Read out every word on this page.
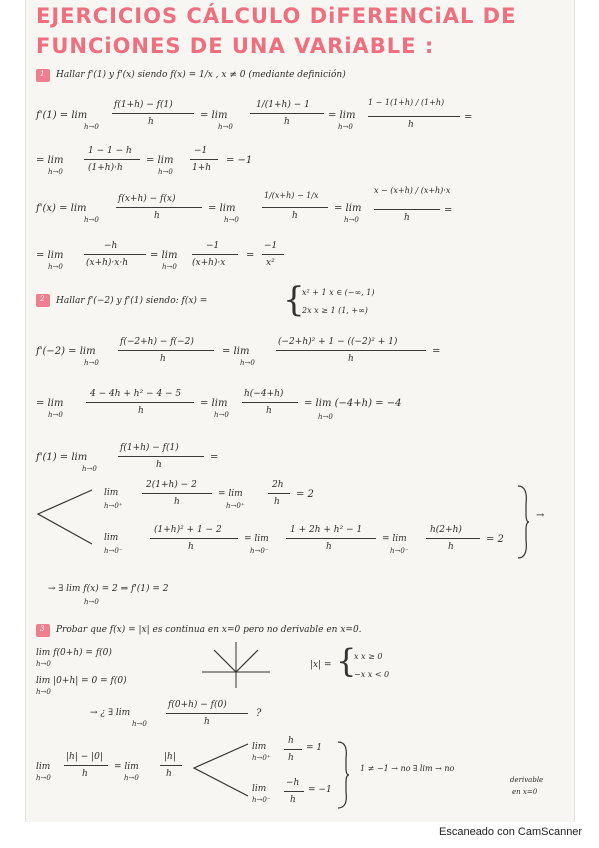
EJERCICIOS CÁLCULO DiFERENCiAL DE
FUNCiONES DE UNA VARiABLE :
1 Hallar f'(1) y f'(x) siendo f(x) = 1/x , x ≠ 0 (mediante definición)
f'(1) = lim
h→0
f(1+h) − f(1)
h
= lim
h→0
1/(1+h) − 1
h
= lim
h→0
1 − 1(1+h) / (1+h)
h
=
= lim
h→0
1 − 1 − h
(1+h)·h
= lim
h→0
−1
1+h
= −1
f'(x) = lim
h→0
f(x+h) − f(x)
h
= lim
h→0
1/(x+h) − 1/x
h
= lim
h→0
x − (x+h) / (x+h)·x
h
=
= lim
h→0
−h
(x+h)·x·h
= lim
h→0
−1
(x+h)·x
=
−1
x²
2 Hallar f'(−2) y f'(1) siendo: f(x) = {
x² + 1 x ∈ (−∞, 1)
2x x ≥ 1 (1, +∞)
f'(−2) = lim
h→0
f(−2+h) − f(−2)
h
= lim
h→0
(−2+h)² + 1 − ((−2)² + 1)
h
=
= lim
h→0
4 − 4h + h² − 4 − 5
h
= lim
h→0
h(−4+h)
h
= lim (−4+h) = −4
h→0
f'(1) = lim
h→0
f(1+h) − f(1)
h
=
lim
h→0⁺
2(1+h) − 2
h
= lim
h→0⁺
2h
h
= 2
lim
h→0⁻
(1+h)² + 1 − 2
h
= lim
h→0⁻
1 + 2h + h² − 1
h
= lim
h→0⁻
h(2+h)
h
= 2
→
→ ∃ lim f(x) = 2 ⇒ f'(1) = 2
h→0
3 Probar que f(x) = |x| es continua en x=0 pero no derivable en x=0.
lim f(0+h) = f(0)
h→0
lim |0+h| = 0 = f(0)
h→0
|x| = {
x x ≥ 0
−x x < 0
→ ¿ ∃ lim
h→0
f(0+h) − f(0)
h
?
lim
h→0
|h| − |0|
h
= lim
h→0
|h|
h
lim
h→0⁺
h
h
= 1
lim
h→0⁻
−h
h
= −1
1 ≠ −1 → no ∃ lim → no
derivable
en x=0
Escaneado con CamScanner
